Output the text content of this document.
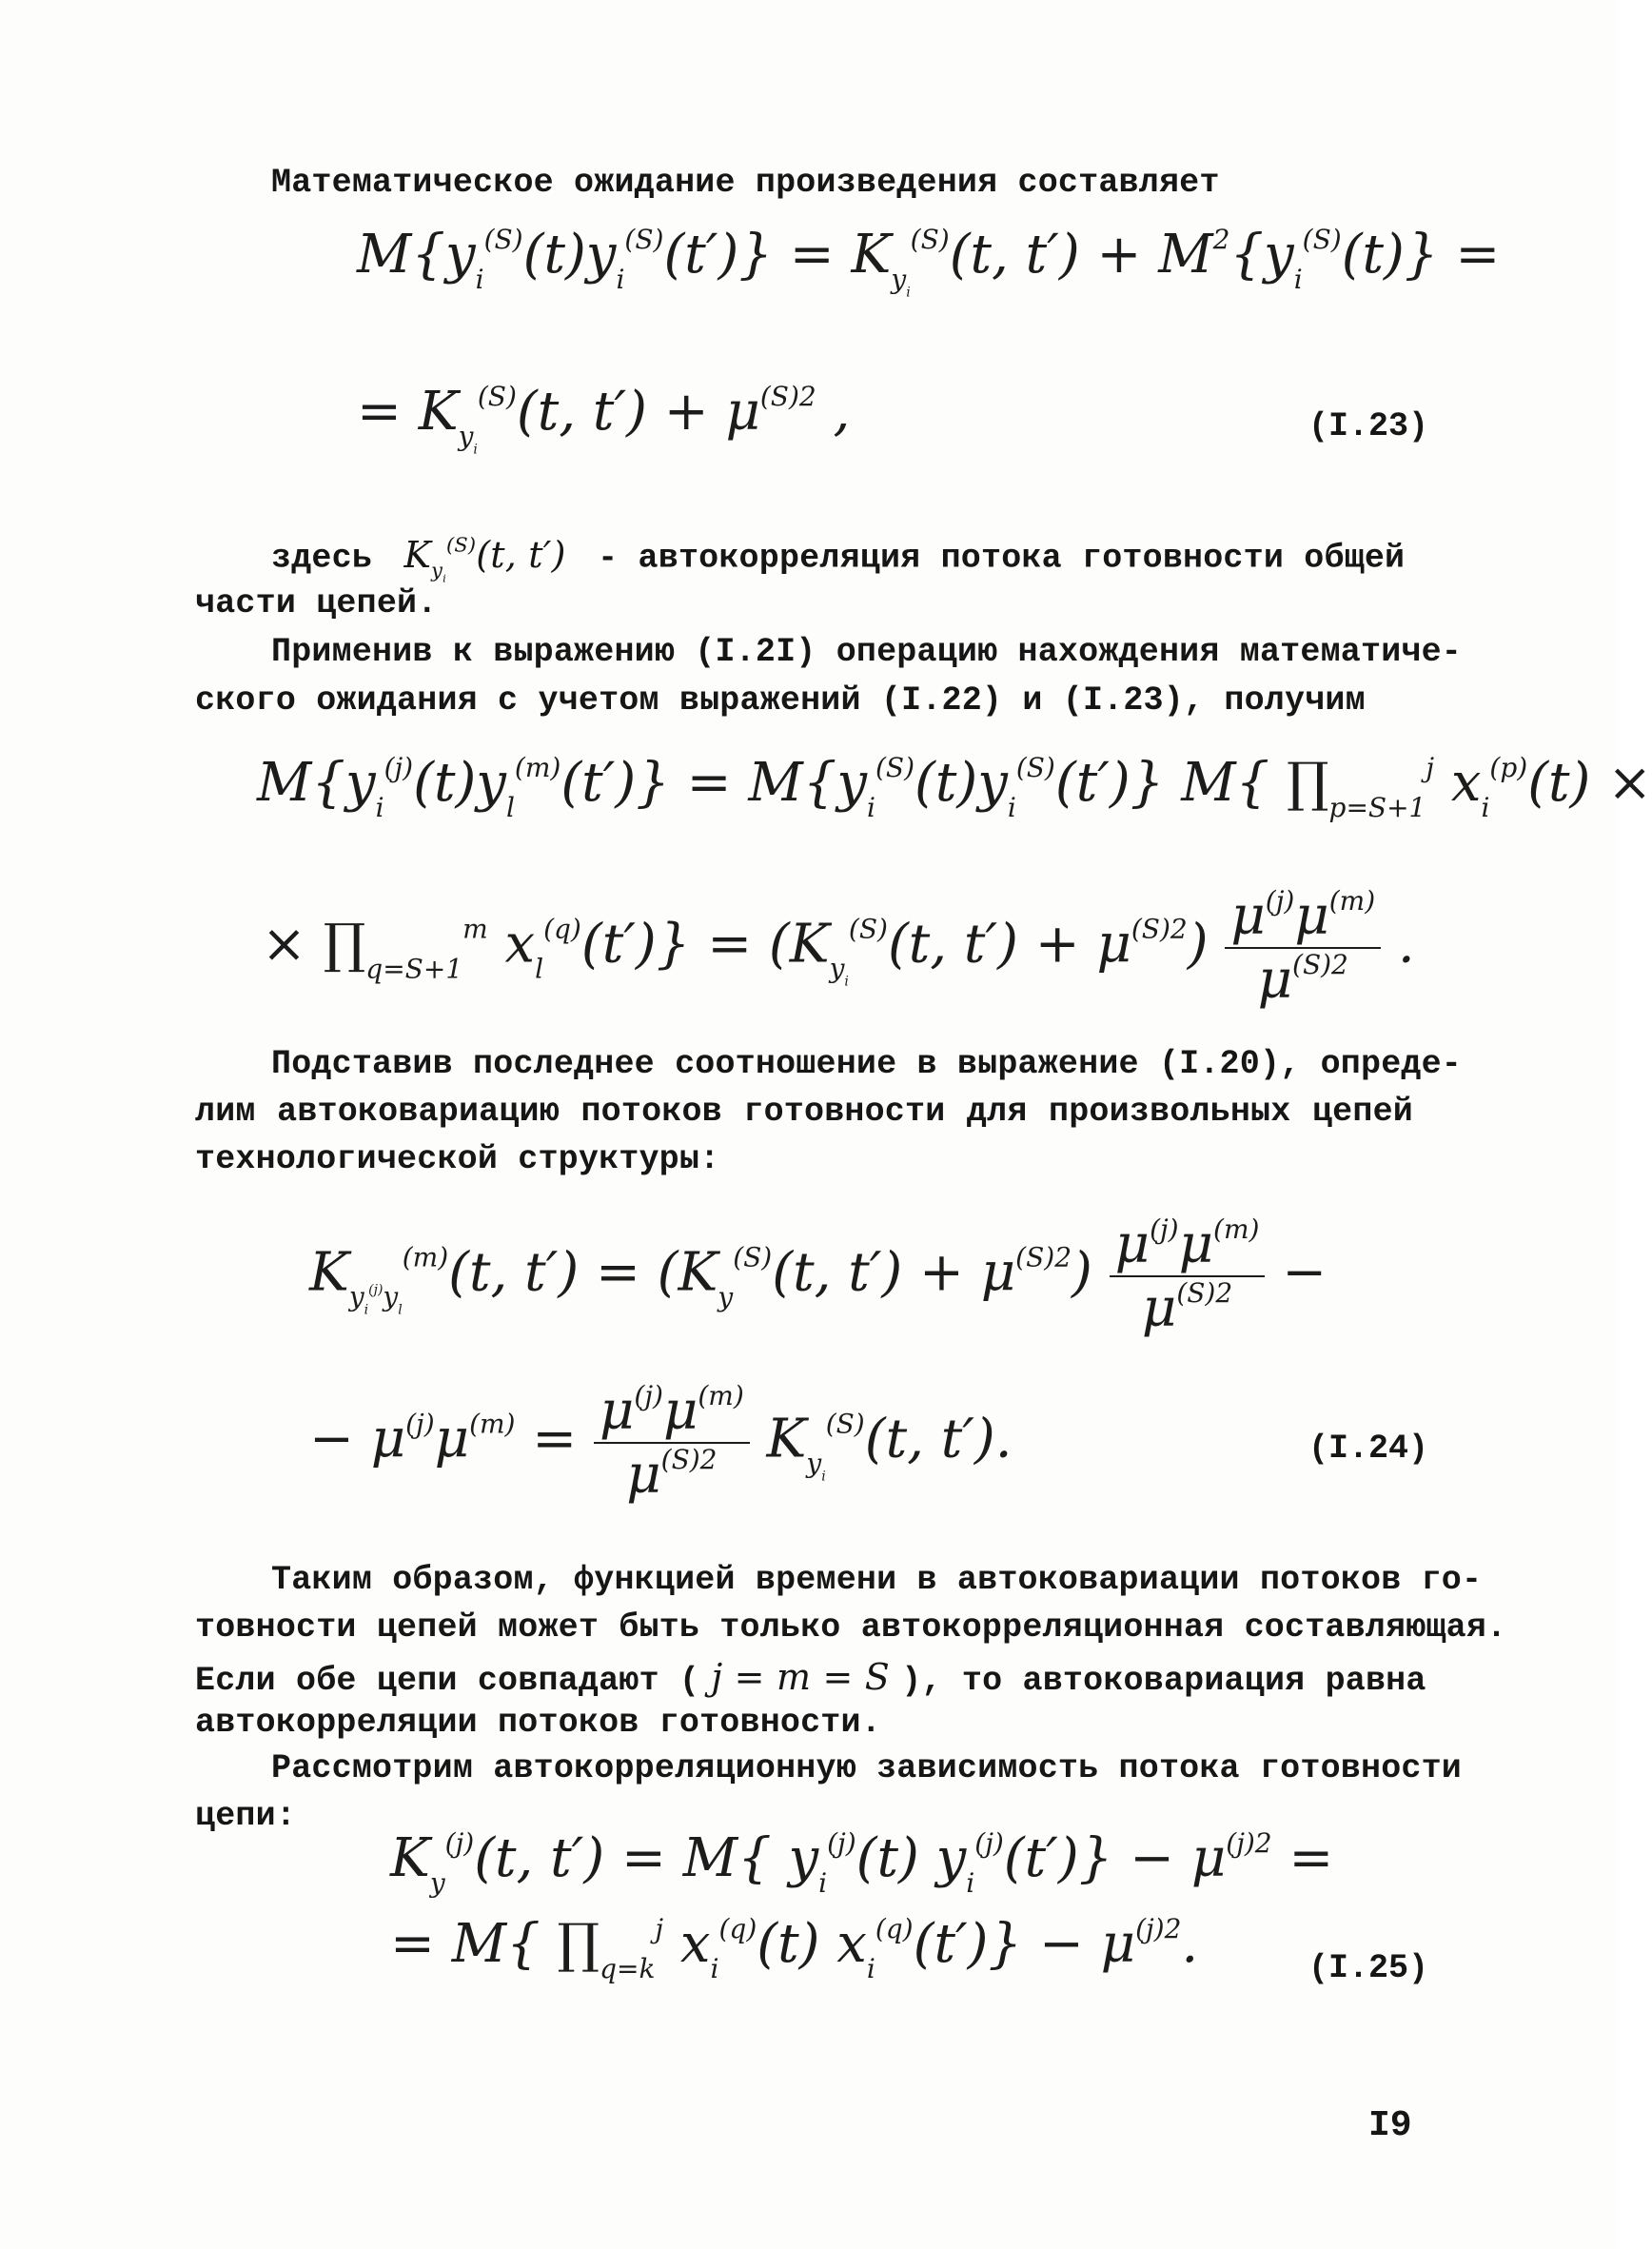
Математическое ожидание произведения составляет
$M\{y_i^{(S)}(t)y_i^{(S)}(t')\} = K_{y_i}^{(S)}(t$, $t') + M^2\{y_i^{(S)}(t)\}$ =
= $K_{y_i}^{(S)}(t$, $t') + \mu^{(S)2}$ ,	(I.23)
здесь  $K_{y_i}^{(S)}(t$, t′)  - автокорреляция потока готовности общей
части цепей.
Применив к выражению (I.2I) операцию нахождения математиче-
ского ожидания с учетом выражений (I.22) и (I.23), получим
$M\{y_i^{(j)}(t)y_l^{(m)}(t')\} = M\{y_i^{(S)}(t)y_i^{(S)}(t')\}$ M{ $\prod_{p=S+1}^j$ $x_i^{(p)}(t)$ ×
× $\prod_{q=S+1}^m$ $x_l^{(q)}(t')\} = (K_{y_i}^{(S)}(t$, $t') + \mu^{(S)2}) \frac{\mu^{(j)}\mu^{(m)}}{\mu^{(S)2}}$ .
Подставив последнее соотношение в выражение (I.20), опреде-
лим автоковариацию потоков готовности для произвольных цепей
технологической структуры:
$K_{y_i^{(j)}y_l}^{(m)}(t$, $t') = (K_y^{(S)}(t$, $t') + \mu^{(S)2}) \frac{\mu^{(j)}\mu^{(m)}}{\mu^{(S)2}}$ −
− $\mu^{(j)}\mu^{(m)} = \frac{\mu^{(j)}\mu^{(m)}}{\mu^{(S)2}} K_{y_i}^{(S)}(t$, t′).	(I.24)
Таким образом, функцией времени в автоковариации потоков го-
товности цепей может быть только автокорреляционная составляющая.
Если обе цепи совпадают ( j = m = S ), то автоковариация равна
автокорреляции потоков готовности.
Рассмотрим автокорреляционную зависимость потока готовности
цепи:
$K_y^{(j)}(t$, t′) = M{ $y_i^{(j)}(t) y_i^{(j)}(t')\} - \mu^{(j)2}$ =
= M{ $\prod_{q=k}^j$ $x_i^{(q)}(t) x_i^{(q)}(t')\} - \mu^{(j)2}$.	(I.25)
I9
